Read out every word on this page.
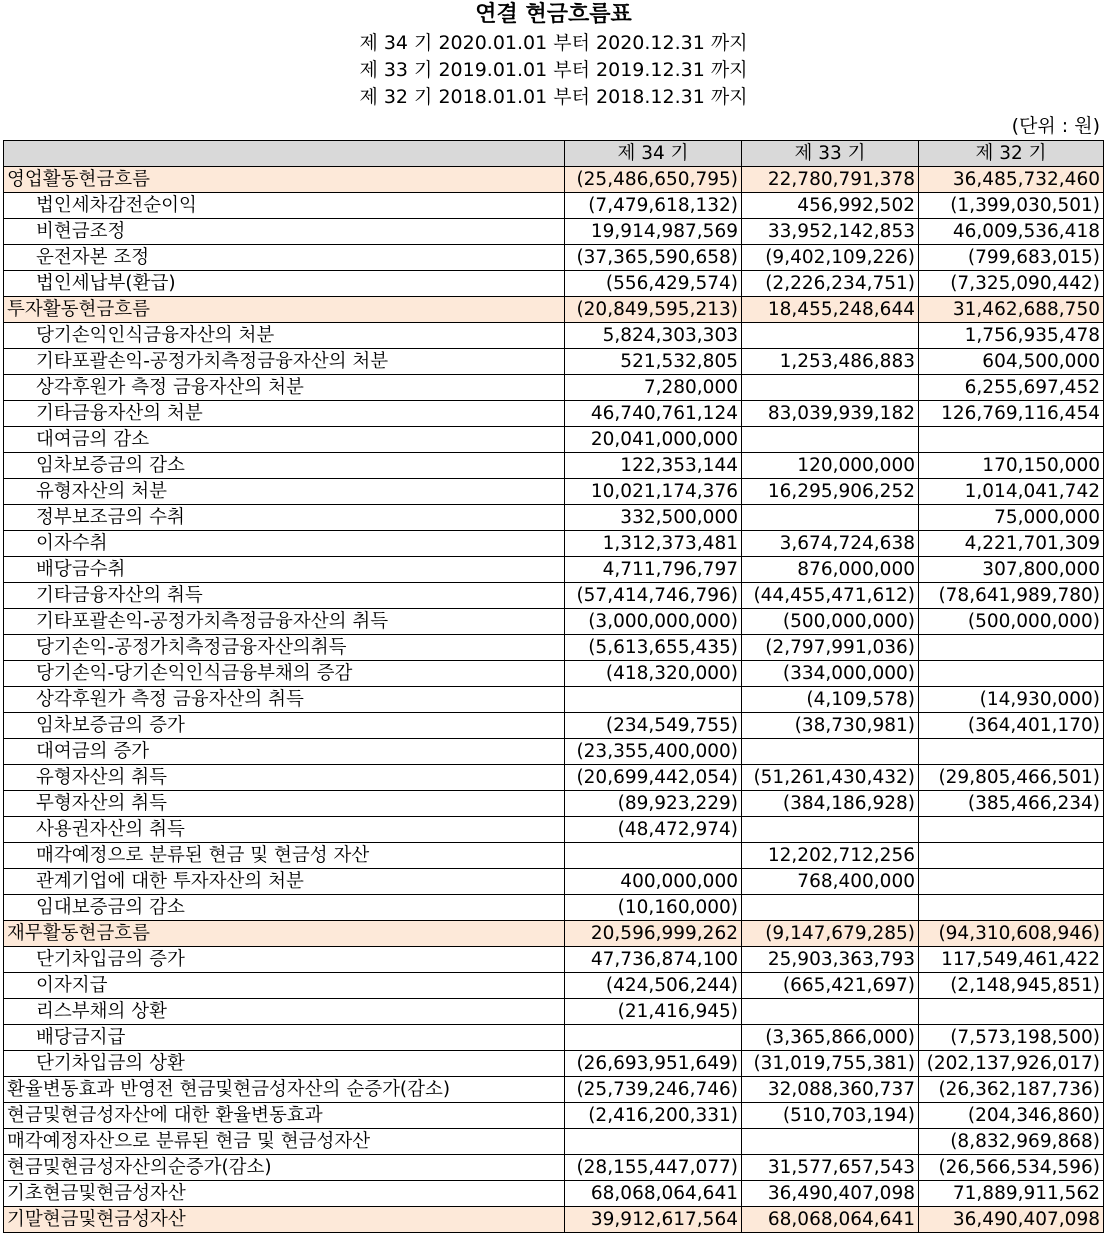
연결 현금흐름표
제 34 기 2020.01.01 부터 2020.12.31 까지
제 33 기 2019.01.01 부터 2019.12.31 까지
제 32 기 2018.01.01 부터 2018.12.31 까지
(단위 : 원)
	제 34 기	제 33 기	제 32 기
영업활동현금흐름	(25,486,650,795)	22,780,791,378	36,485,732,460
법인세차감전순이익	(7,479,618,132)	456,992,502	(1,399,030,501)
비현금조정	19,914,987,569	33,952,142,853	46,009,536,418
운전자본 조정	(37,365,590,658)	(9,402,109,226)	(799,683,015)
법인세납부(환급)	(556,429,574)	(2,226,234,751)	(7,325,090,442)
투자활동현금흐름	(20,849,595,213)	18,455,248,644	31,462,688,750
당기손익인식금융자산의 처분	5,824,303,303		1,756,935,478
기타포괄손익-공정가치측정금융자산의 처분	521,532,805	1,253,486,883	604,500,000
상각후원가 측정 금융자산의 처분	7,280,000		6,255,697,452
기타금융자산의 처분	46,740,761,124	83,039,939,182	126,769,116,454
대여금의 감소	20,041,000,000		
임차보증금의 감소	122,353,144	120,000,000	170,150,000
유형자산의 처분	10,021,174,376	16,295,906,252	1,014,041,742
정부보조금의 수취	332,500,000		75,000,000
이자수취	1,312,373,481	3,674,724,638	4,221,701,309
배당금수취	4,711,796,797	876,000,000	307,800,000
기타금융자산의 취득	(57,414,746,796)	(44,455,471,612)	(78,641,989,780)
기타포괄손익-공정가치측정금융자산의 취득	(3,000,000,000)	(500,000,000)	(500,000,000)
당기손익-공정가치측정금융자산의취득	(5,613,655,435)	(2,797,991,036)	
당기손익-당기손익인식금융부채의 증감	(418,320,000)	(334,000,000)	
상각후원가 측정 금융자산의 취득		(4,109,578)	(14,930,000)
임차보증금의 증가	(234,549,755)	(38,730,981)	(364,401,170)
대여금의 증가	(23,355,400,000)		
유형자산의 취득	(20,699,442,054)	(51,261,430,432)	(29,805,466,501)
무형자산의 취득	(89,923,229)	(384,186,928)	(385,466,234)
사용권자산의 취득	(48,472,974)		
매각예정으로 분류된 현금 및 현금성 자산		12,202,712,256	
관계기업에 대한 투자자산의 처분	400,000,000	768,400,000	
임대보증금의 감소	(10,160,000)		
재무활동현금흐름	20,596,999,262	(9,147,679,285)	(94,310,608,946)
단기차입금의 증가	47,736,874,100	25,903,363,793	117,549,461,422
이자지급	(424,506,244)	(665,421,697)	(2,148,945,851)
리스부채의 상환	(21,416,945)		
배당금지급		(3,365,866,000)	(7,573,198,500)
단기차입금의 상환	(26,693,951,649)	(31,019,755,381)	(202,137,926,017)
환율변동효과 반영전 현금및현금성자산의 순증가(감소)	(25,739,246,746)	32,088,360,737	(26,362,187,736)
현금및현금성자산에 대한 환율변동효과	(2,416,200,331)	(510,703,194)	(204,346,860)
매각예정자산으로 분류된 현금 및 현금성자산			(8,832,969,868)
현금및현금성자산의순증가(감소)	(28,155,447,077)	31,577,657,543	(26,566,534,596)
기초현금및현금성자산	68,068,064,641	36,490,407,098	71,889,911,562
기말현금및현금성자산	39,912,617,564	68,068,064,641	36,490,407,098
